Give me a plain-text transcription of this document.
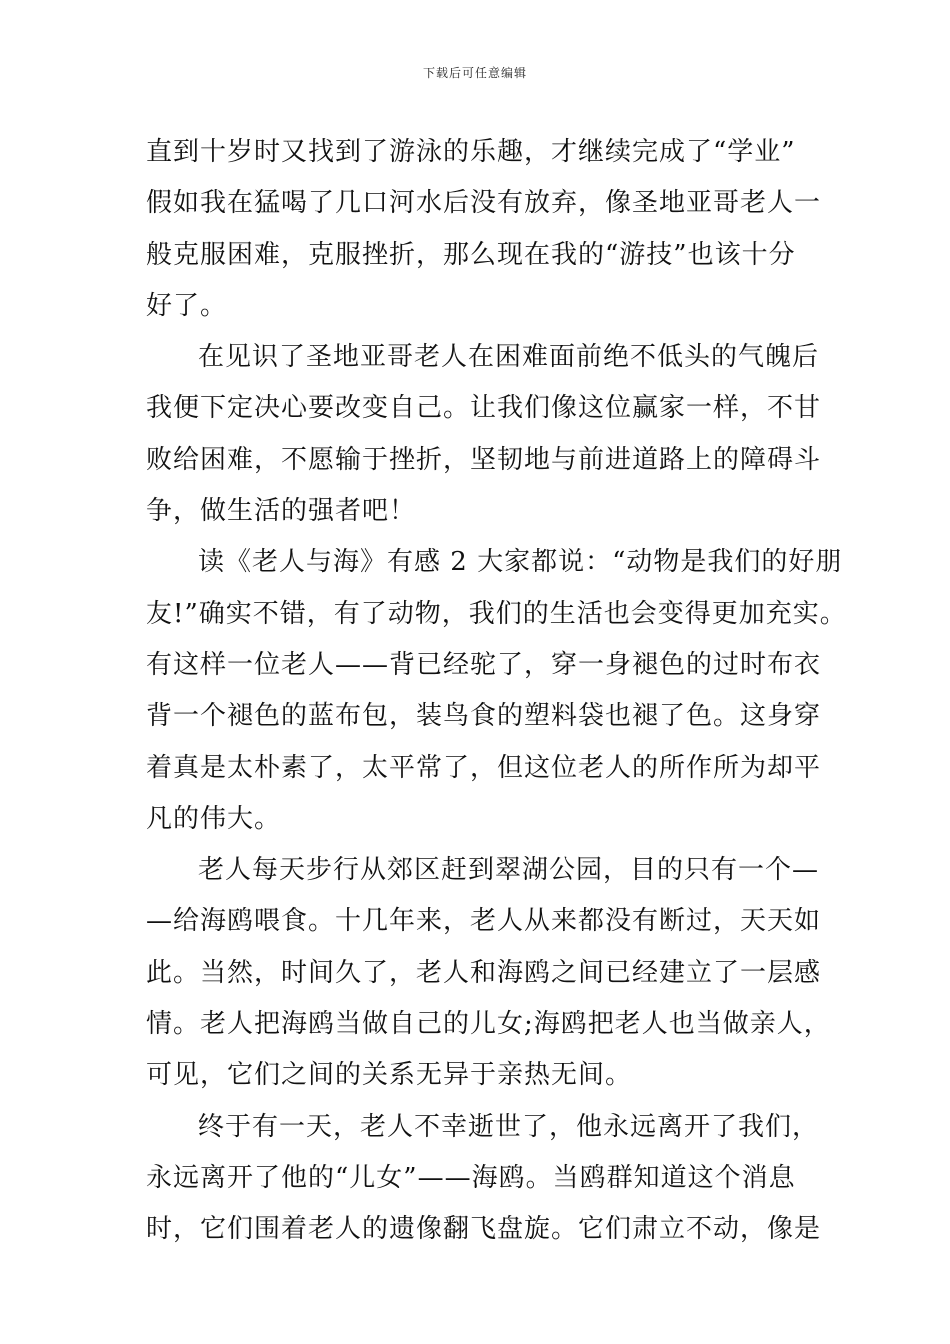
下载后可任意编辑
直到十岁时又找到了游泳的乐趣，才继续完成了“学业”
假如我在猛喝了几口河水后没有放弃，像圣地亚哥老人一
般克服困难，克服挫折，那么现在我的“游技”也该十分
好了。
在见识了圣地亚哥老人在困难面前绝不低头的气魄后
我便下定决心要改变自己。让我们像这位赢家一样，不甘
败给困难，不愿输于挫折，坚韧地与前进道路上的障碍斗
争，做生活的强者吧！
读《老人与海》有感 2 大家都说：“动物是我们的好朋
友!”确实不错，有了动物，我们的生活也会变得更加充实。
有这样一位老人——背已经驼了，穿一身褪色的过时布衣
背一个褪色的蓝布包，装鸟食的塑料袋也褪了色。这身穿
着真是太朴素了，太平常了，但这位老人的所作所为却平
凡的伟大。
老人每天步行从郊区赶到翠湖公园，目的只有一个—
—给海鸥喂食。十几年来，老人从来都没有断过，天天如
此。当然，时间久了，老人和海鸥之间已经建立了一层感
情。老人把海鸥当做自己的儿女;海鸥把老人也当做亲人，
可见，它们之间的关系无异于亲热无间。
终于有一天，老人不幸逝世了，他永远离开了我们，
永远离开了他的“儿女”——海鸥。当鸥群知道这个消息
时，它们围着老人的遗像翻飞盘旋。它们肃立不动，像是
